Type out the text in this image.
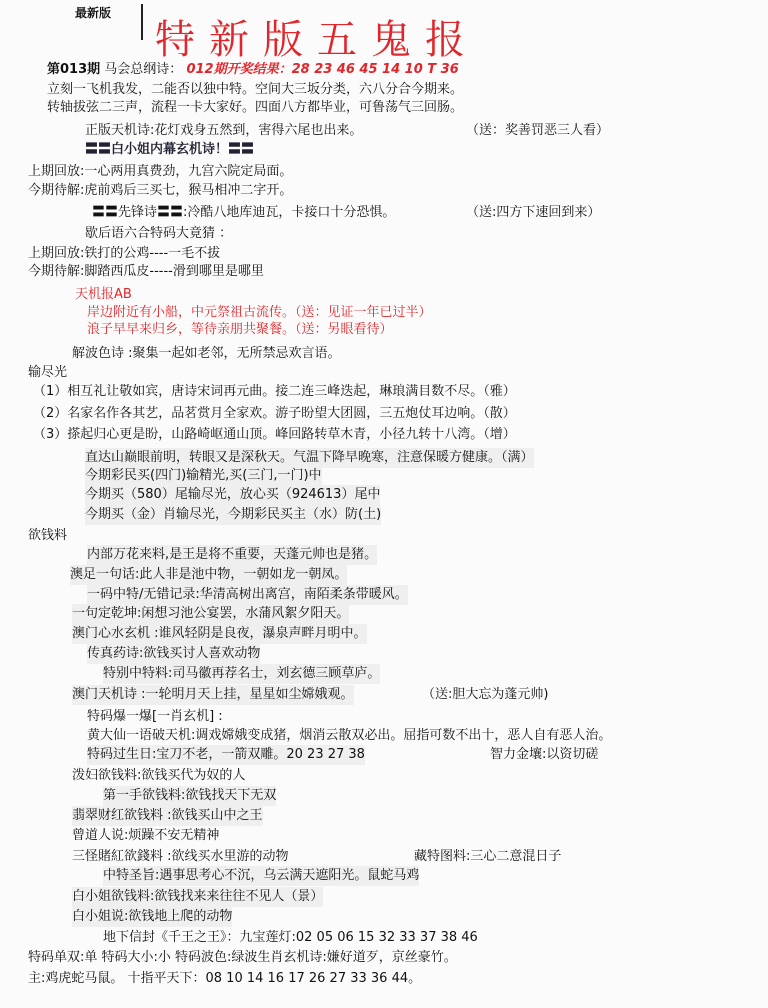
最新版
特新版五鬼报
第013期 马会总纲诗： 012期开奖结果：28 23 46 45 14 10 T 36
立刻一飞机我发，二能否以独中特。空间大三坂分类，六八分合今期来。
转轴拔弦二三声，流程一卡大家好。四面八方都毕业，可鲁荡气三回肠。
正版天机诗:花灯戏身五然到，害得六尾也出来。	（送：奖善罚恶三人看）
〓〓白小姐内幕玄机诗！〓〓
上期回放:一心两用真费劲，九宫六院定局面。
今期待解:虎前鸡后三买七，猴马相冲二字开。
〓〓先锋诗〓〓:冷酷八地库迪瓦，卡接口十分恐惧。	（送:四方下速回到来）
歇后语六合特码大竟猜 ：
上期回放:铁打的公鸡----一毛不拔
今期待解:脚踏西瓜皮-----滑到哪里是哪里
天机报AB
岸边附近有小船，中元祭祖古流传。（送：见证一年已过半）
浪子早早来归乡，等待亲朋共聚餐。（送：另眼看待）
解波色诗 :聚集一起如老邻，无所禁忌欢言语。
输尽光
（1）相互礼让敬如宾，唐诗宋词再元曲。接二连三峰迭起，琳琅满目数不尽。（雅）
（2）名家名作各其艺，品茗赏月全家欢。游子盼望大团圆，三五炮仗耳边响。（散）
（3）搽起归心更是盼，山路崎岖通山顶。峰回路转草木青，小径九转十八湾。（增）
直达山巅眼前明，转眼又是深秋天。气温下降早晚寒，注意保暖方健康。（满）
今期彩民买(四门)输精光,买(三门,一门)中
今期买（580）尾输尽光，放心买（924613）尾中
今期买（金）肖输尽光，今期彩民买主（水）防(土)
欲钱料
内部万花来料,是王是将不重要，天蓬元帅也是猪。
澳足一句话:此人非是池中物，一朝如龙一朝凤。
一码中特/无错记录:华清高树出离宫，南陌柔条带暖风。
一句定乾坤:闲想习池公宴罢，水蒲风絮夕阳天。
澳门心水玄机 :谁风轻阴是良夜，瀑泉声畔月明中。
传真药诗:欲钱买讨人喜欢动物
特别中特料:司马徽再荐名士，刘玄德三顾草庐。
澳门天机诗 :一轮明月天上挂，星星如尘嫦娥观。	（送:胆大忘为蓬元帅)
特码爆一爆[一肖玄机] :
黄大仙一语破天机:调戏嫦娥变成猪，烟消云散双必出。屈指可数不出十，恶人自有恶人治。
特码过生日:宝刀不老，一箭双雕。20 23 27 38	智力金壤:以资切磋
泼妇欲钱料:欲钱买代为奴的人
第一手欲钱料:欲钱找天下无双
翡翠财红欲钱料 :欲钱买山中之王
曾道人说:烦躁不安无精神
三怪賭紅欲錢料 :欲线买水里游的动物	藏特图料:三心二意混日子
中特圣旨:遇事思考心不沉，乌云满天遮阳光。鼠蛇马鸡
白小姐欲钱料:欲钱找来来往往不见人（景）
白小姐说:欲钱地上爬的动物
地下信封《千王之王》：九宝莲灯:02 05 06 15 32 33 37 38 46
特码单双:单 特码大小:小 特码波色:绿波生肖玄机诗:嫌好道歹，京丝豪竹。
主:鸡虎蛇马鼠。 十指平天下：08 10 14 16 17 26 27 33 36 44。
